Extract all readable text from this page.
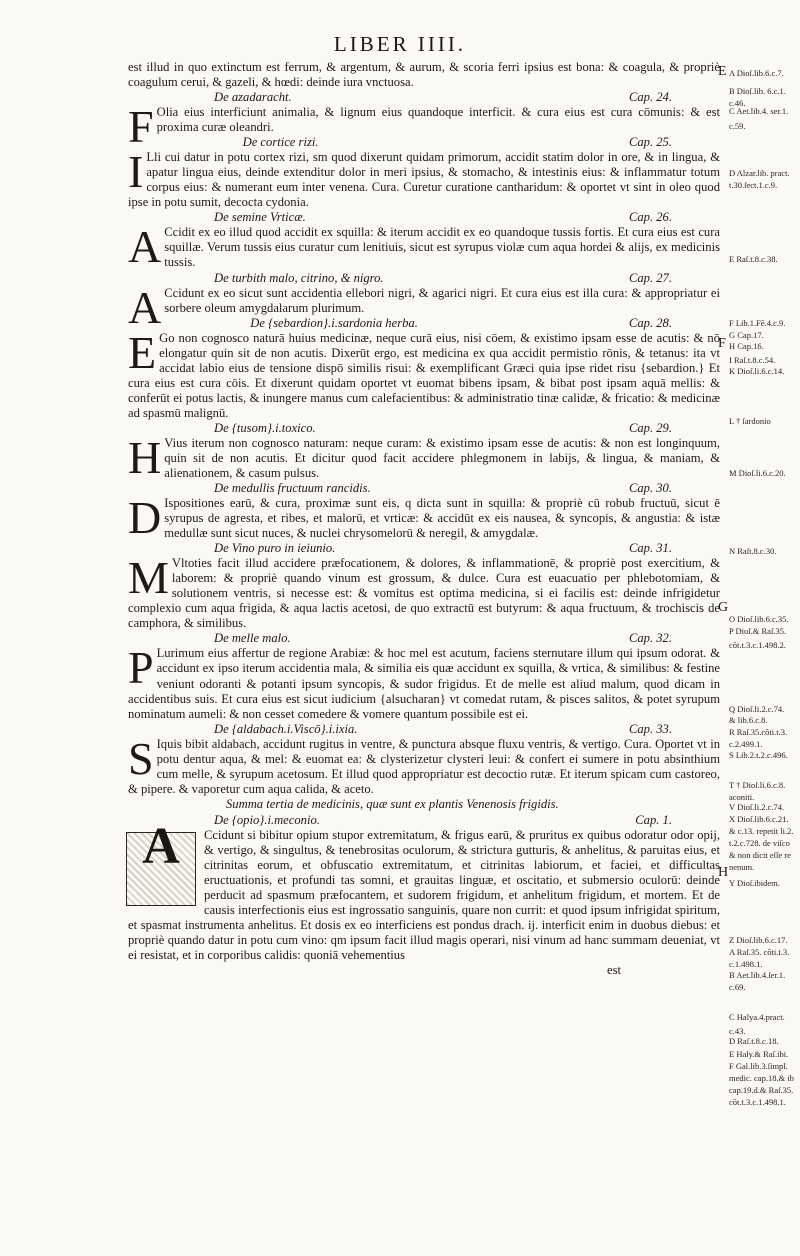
LIBER IIII.

est illud in quo extinctum est ferrum, & argentum, & aurum, & scoria ferri ipsius est bona: & coagula, & propriè coagulum cerui, & gazeli, & hœdi: deinde iura vnctuosa.

De azadaracht.	Cap. 24.

F Olia eius interficiunt animalia, & lignum eius quandoque interficit. & cura eius est cura cōmunis: & est proxima curæ oleandri.

De cortice rizi.	Cap. 25.

I Lli cui datur in potu cortex rizi, sm quod dixerunt quidam primorum, accidit statim dolor in ore, & in lingua, & apatur lingua eius, deinde extenditur dolor in meri ipsius, & stomacho, & intestinis eius: & inflammatur totum corpus eius: & numerant eum inter venena. Cura. Curetur curatione cantharidum: & oportet vt sint in oleo quod ipse in potu sumit, decocta cydonia.

De semine Vrticæ.	Cap. 26.

A Ccidit ex eo illud quod accidit ex squilla: & iterum accidit ex eo quandoque tussis fortis. Et cura eius est cura squillæ. Verum tussis eius curatur cum lenitiuis, sicut est syrupus violæ cum aqua hordei & alijs, ex medicinis tussis.

De turbith malo, citrino, & nigro.	Cap. 27.

A Ccidunt ex eo sicut sunt accidentia ellebori nigri, & agarici nigri. Et cura eius est illa cura: & appropriatur ei sorbere oleum amygdalarum plurimum.

De {sebardion}.i.sardonia herba.	Cap. 28.

E Go non cognosco naturā huius medicinæ, neque curā eius, nisi cōem, & existimo ipsam esse de acutis: & nō elongatur quin sit de non acutis. Dixerūt ergo, est medicina ex qua accidit permistio rōnis, & tetanus: ita vt accidat labio eius de tensione dispō similis risui: & exemplificant Græci quia ipse ridet risu {sebardion.} Et cura eius est cura cōis. Et dixerunt quidam oportet vt euomat bibens ipsam, & bibat post ipsam aquā mellis: & conferūt ei potus lactis, & inungere manus cum calefacientibus: & administratio tinæ calidæ, & fricatio: & medicinæ ad spasmū malignū.

De {tusom}.i.toxico.	Cap. 29.

H Vius iterum non cognosco naturam: neque curam: & existimo ipsam esse de acutis: & non est longinquum, quin sit de non acutis. Et dicitur quod facit accidere phlegmonem in labijs, & lingua, & maniam, & alienationem, & casum pulsus.

De medullis fructuum rancidis.	Cap. 30.

D Ispositiones earū, & cura, proximæ sunt eis, q dicta sunt in squilla: & propriè cū robub fructuū, sicut ē syrupus de agresta, et ribes, et malorū, et vrticæ: & accidūt ex eis nausea, & syncopis, & angustia: & istæ medullæ sunt sicut nuces, & nuclei chrysomelorū & neregil, & amygdalæ.

De Vino puro in ieiunio.	Cap. 31.

M Vltoties facit illud accidere præfocationem, & dolores, & inflammationē, & propriè post exercitium, & laborem: & propriè quando vinum est grossum, & dulce. Cura est euacuatio per phlebotomiam, & solutionem ventris, si necesse est: & vomitus est optima medicina, si ei facilis est: deinde infrigidetur complexio cum aqua frigida, & aqua lactis acetosi, de quo extractū est butyrum: & aqua fructuum, & trochiscis de camphora, & similibus.

De melle malo.	Cap. 32.

P Lurimum eius affertur de regione Arabiæ: & hoc mel est acutum, faciens sternutare illum qui ipsum odorat. & accidunt ex ipso iterum accidentia mala, & similia eis quæ accidunt ex squilla, & vrtica, & similibus: & festine veniunt odoranti & potanti ipsum syncopis, & sudor frigidus. Et de melle est aliud malum, quod dicam in accidentibus suis. Et cura eius est sicut iudicium {alsucharan} vt comedat rutam, & pisces salitos, & potet syrupum nominatum aumeli: & non cesset comedere & vomere quantum possibile est ei.

De {aldabach.i.Viscō}.i.ixia.	Cap. 33.

S Iquis bibit aldabach, accidunt rugitus in ventre, & punctura absque fluxu ventris, & vertigo. Cura. Oportet vt in potu dentur aqua, & mel: & euomat ea: & clysterizetur clysteri leui: & confert ei sumere in potu absinthium cum melle, & syrupum acetosum. Et illud quod appropriatur est decoctio rutæ. Et iterum spicam cum castoreo, & pipere. & vaporetur cum aqua calida, & aceto.

Summa tertia de medicinis, quæ sunt ex plantis Venenosis frigidis.

De {opio}.i.meconio.	Cap. 1.

A	Ccidunt si bibitur opium stupor extremitatum, & frigus earū, & pruritus ex quibus odoratur odor opij, & vertigo, & singultus, & tenebrositas oculorum, & strictura gutturis, & anhelitus, & paruitas eius, et citrinitas eorum, et obfuscatio extremitatum, et citrinitas labiorum, et faciei, et difficultas eructuationis, et profundi tas somni, et grauitas linguæ, et oscitatio, et submersio oculorū: deinde perducit ad spasmum præfocantem, et sudorem frigidum, et anhelitum frigidum, et mortem. Et de causis interfectionis eius est ingrossatio sanguinis, quare non currit: et quod ipsum infrigidat spiritum, et spasmat instrumenta anhelitus. Et dosis ex eo interficiens est pondus drach. ij. interficit enim in duobus diebus: et propriè quando datur in potu cum vino: qm ipsum facit illud magis operari, nisi vinum ad hanc summam deueniat, vt ei resistat, et in corporibus calidis: quoniā vehementius

est

A Dioſ.lib.6.c.7.
B Dioſ.lib. 6.c.1.
c.46.
C Aet.lib.4. ser.1.
c.59.
D Alzar.lib. pract.
t.30.ſect.1.c.9.
E Raſ.t.8.c.38.
F Lib.1.Fē.4.c.9.
G Cap.17.
H Cap.16.
I Raſ.t.8.c.54.
K Dioſ.li.6.c.14.
L † ſardonio
M Dioſ.li.6.c.20.
N Raſt.8.c.30.
O Dioſ.lib.6.c.35.
P Dioſ.& Raſ.35.
cōt.t.3.c.1.498.2.
Q Dioſ.li.2.c.74.
& lib.6.c.8.
R Raſ.35.cōti.t.3.
c.2.499.1.
S Lib.2.t.2.c.496.
T † Dioſ.li.6.c.8.
aconiti.
V Dioſ.li.2.c.74.
X Dioſ.lib.6.c.21.
& c.13. repetit li.2.
t.2.c.728. de viſco
& non dicit eſſe re
nenum.
Y Dioſ.ibidem.
Z Dioſ.lib.6.c.17.
A Raſ.35. cōti.t.3.
c.1.498.1.
B Aet.lib.4.ſer.1.
c.69.
C Halya.4.pract.
c.43.
D Raſ.t.8.c.18.
E Haly.& Raſ.ibi.
F Gal.lib.3.ſimpl.
medic. cap.18.& ib
cap.19.d.& Raſ.35.
cōt.t.3.c.1.498.1.
E
F
G
H
